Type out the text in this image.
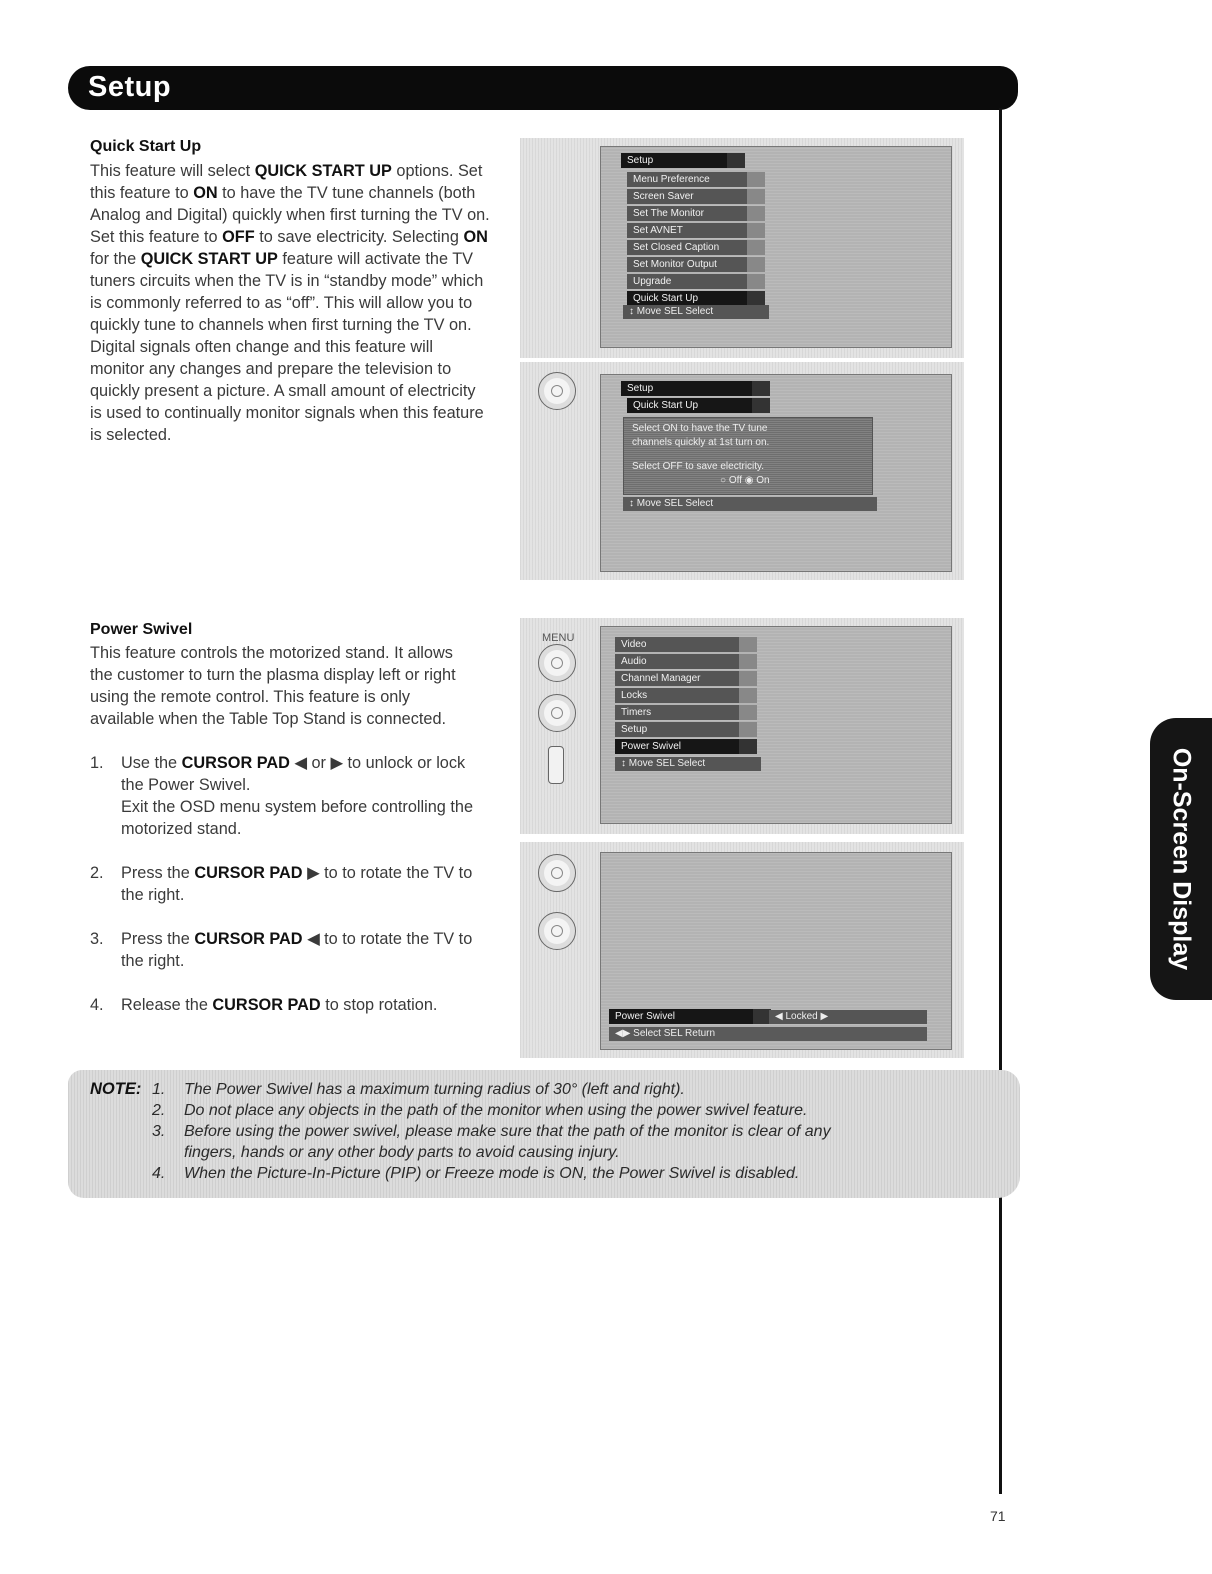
Setup
On-Screen Display
Quick Start Up
This feature will select QUICK START UP options. Set
this feature to ON to have the TV tune channels (both
Analog and Digital) quickly when first turning the TV on.
Set this feature to OFF to save electricity. Selecting ON
for the QUICK START UP feature will activate the TV
tuners circuits when the TV is in “standby mode” which
is commonly referred to as “off”. This will allow you to
quickly tune to channels when first turning the TV on.
Digital signals often change and this feature will
monitor any changes and prepare the television to
quickly present a picture. A small amount of electricity
is used to continually monitor signals when this feature
is selected.
Setup
Menu Preference
Screen Saver
Set The Monitor
Set AVNET
Set Closed Caption
Set Monitor Output
Upgrade
Quick Start Up
↕ Move SEL Select
Setup
Quick Start Up
Select ON to have the TV tune
channels quickly at 1st turn on.
Select OFF to save electricity.
○ Off ◉ On
↕ Move SEL Select
Power Swivel
This feature controls the motorized stand. It allows
the customer to turn the plasma display left or right
using the remote control. This feature is only
available when the Table Top Stand is connected.
1. Use the CURSOR PAD ◀ or ▶ to unlock or lock
the Power Swivel.
Exit the OSD menu system before controlling the
motorized stand.
2. Press the CURSOR PAD ▶ to to rotate the TV to
the right.
3. Press the CURSOR PAD ◀ to to rotate the TV to
the right.
4. Release the CURSOR PAD to stop rotation.
MENU
Video
Audio
Channel Manager
Locks
Timers
Setup
Power Swivel
↕ Move SEL Select
Power Swivel	◀ Locked ▶
◀▶ Select SEL Return
NOTE: 1. The Power Swivel has a maximum turning radius of 30° (left and right).
2. Do not place any objects in the path of the monitor when using the power swivel feature.
3. Before using the power swivel, please make sure that the path of the monitor is clear of any
fingers, hands or any other body parts to avoid causing injury.
4. When the Picture-In-Picture (PIP) or Freeze mode is ON, the Power Swivel is disabled.
71
